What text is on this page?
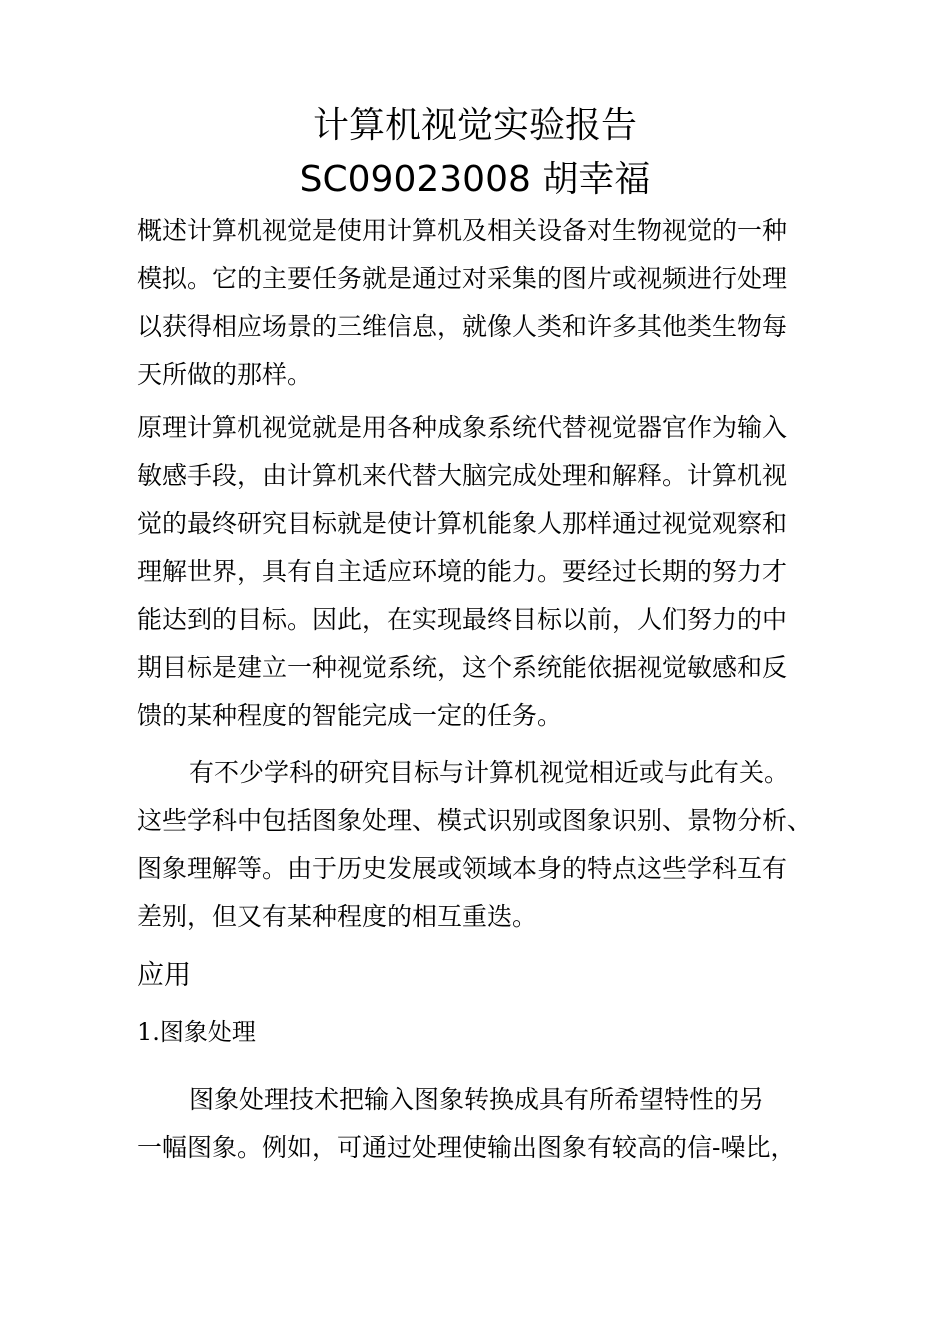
计算机视觉实验报告
SC09023008 胡幸福
概述计算机视觉是使用计算机及相关设备对生物视觉的一种
模拟。它的主要任务就是通过对采集的图片或视频进行处理
以获得相应场景的三维信息，就像人类和许多其他类生物每
天所做的那样。
原理计算机视觉就是用各种成象系统代替视觉器官作为输入
敏感手段，由计算机来代替大脑完成处理和解释。计算机视
觉的最终研究目标就是使计算机能象人那样通过视觉观察和
理解世界，具有自主适应环境的能力。要经过长期的努力才
能达到的目标。因此，在实现最终目标以前，人们努力的中
期目标是建立一种视觉系统，这个系统能依据视觉敏感和反
馈的某种程度的智能完成一定的任务。
有不少学科的研究目标与计算机视觉相近或与此有关。
这些学科中包括图象处理、模式识别或图象识别、景物分析、
图象理解等。由于历史发展或领域本身的特点这些学科互有
差别，但又有某种程度的相互重迭。
应用
1.图象处理
图象处理技术把输入图象转换成具有所希望特性的另
一幅图象。例如，可通过处理使输出图象有较高的信-噪比，
